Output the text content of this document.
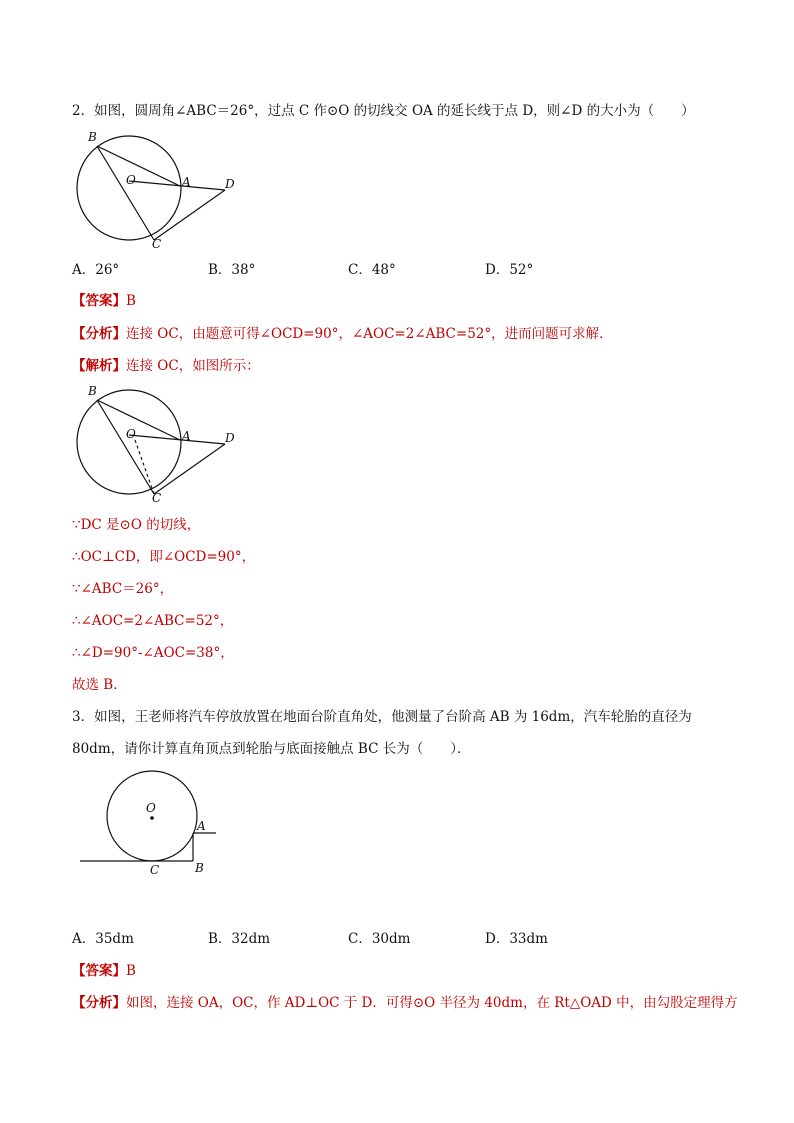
2．如图，圆周角∠ABC＝26°，过点 C 作⊙O 的切线交 OA 的延长线于点 D，则∠D 的大小为（　　）
B
O	A	D
C
A．26°	B．38°	C．48°	D．52°
【答案】B
【分析】连接 OC，由题意可得∠OCD=90°，∠AOC=2∠ABC=52°，进而问题可求解．
【解析】连接 OC，如图所示：
B
O	A	D
C
∵DC 是⊙O 的切线，
∴OC⊥CD，即∠OCD=90°，
∵∠ABC＝26°，
∴∠AOC=2∠ABC=52°，
∴∠D=90°-∠AOC=38°，
故选 B．
3．如图，王老师将汽车停放放置在地面台阶直角处，他测量了台阶高 AB 为 16dm，汽车轮胎的直径为
80dm，请你计算直角顶点到轮胎与底面接触点 BC 长为（　　）．
O
A
B
C
A．35dm	B．32dm	C．30dm	D．33dm
【答案】B
【分析】如图，连接 OA，OC，作 AD⊥OC 于 D．可得⊙O 半径为 40dm，在 Rt△OAD 中，由勾股定理得方
